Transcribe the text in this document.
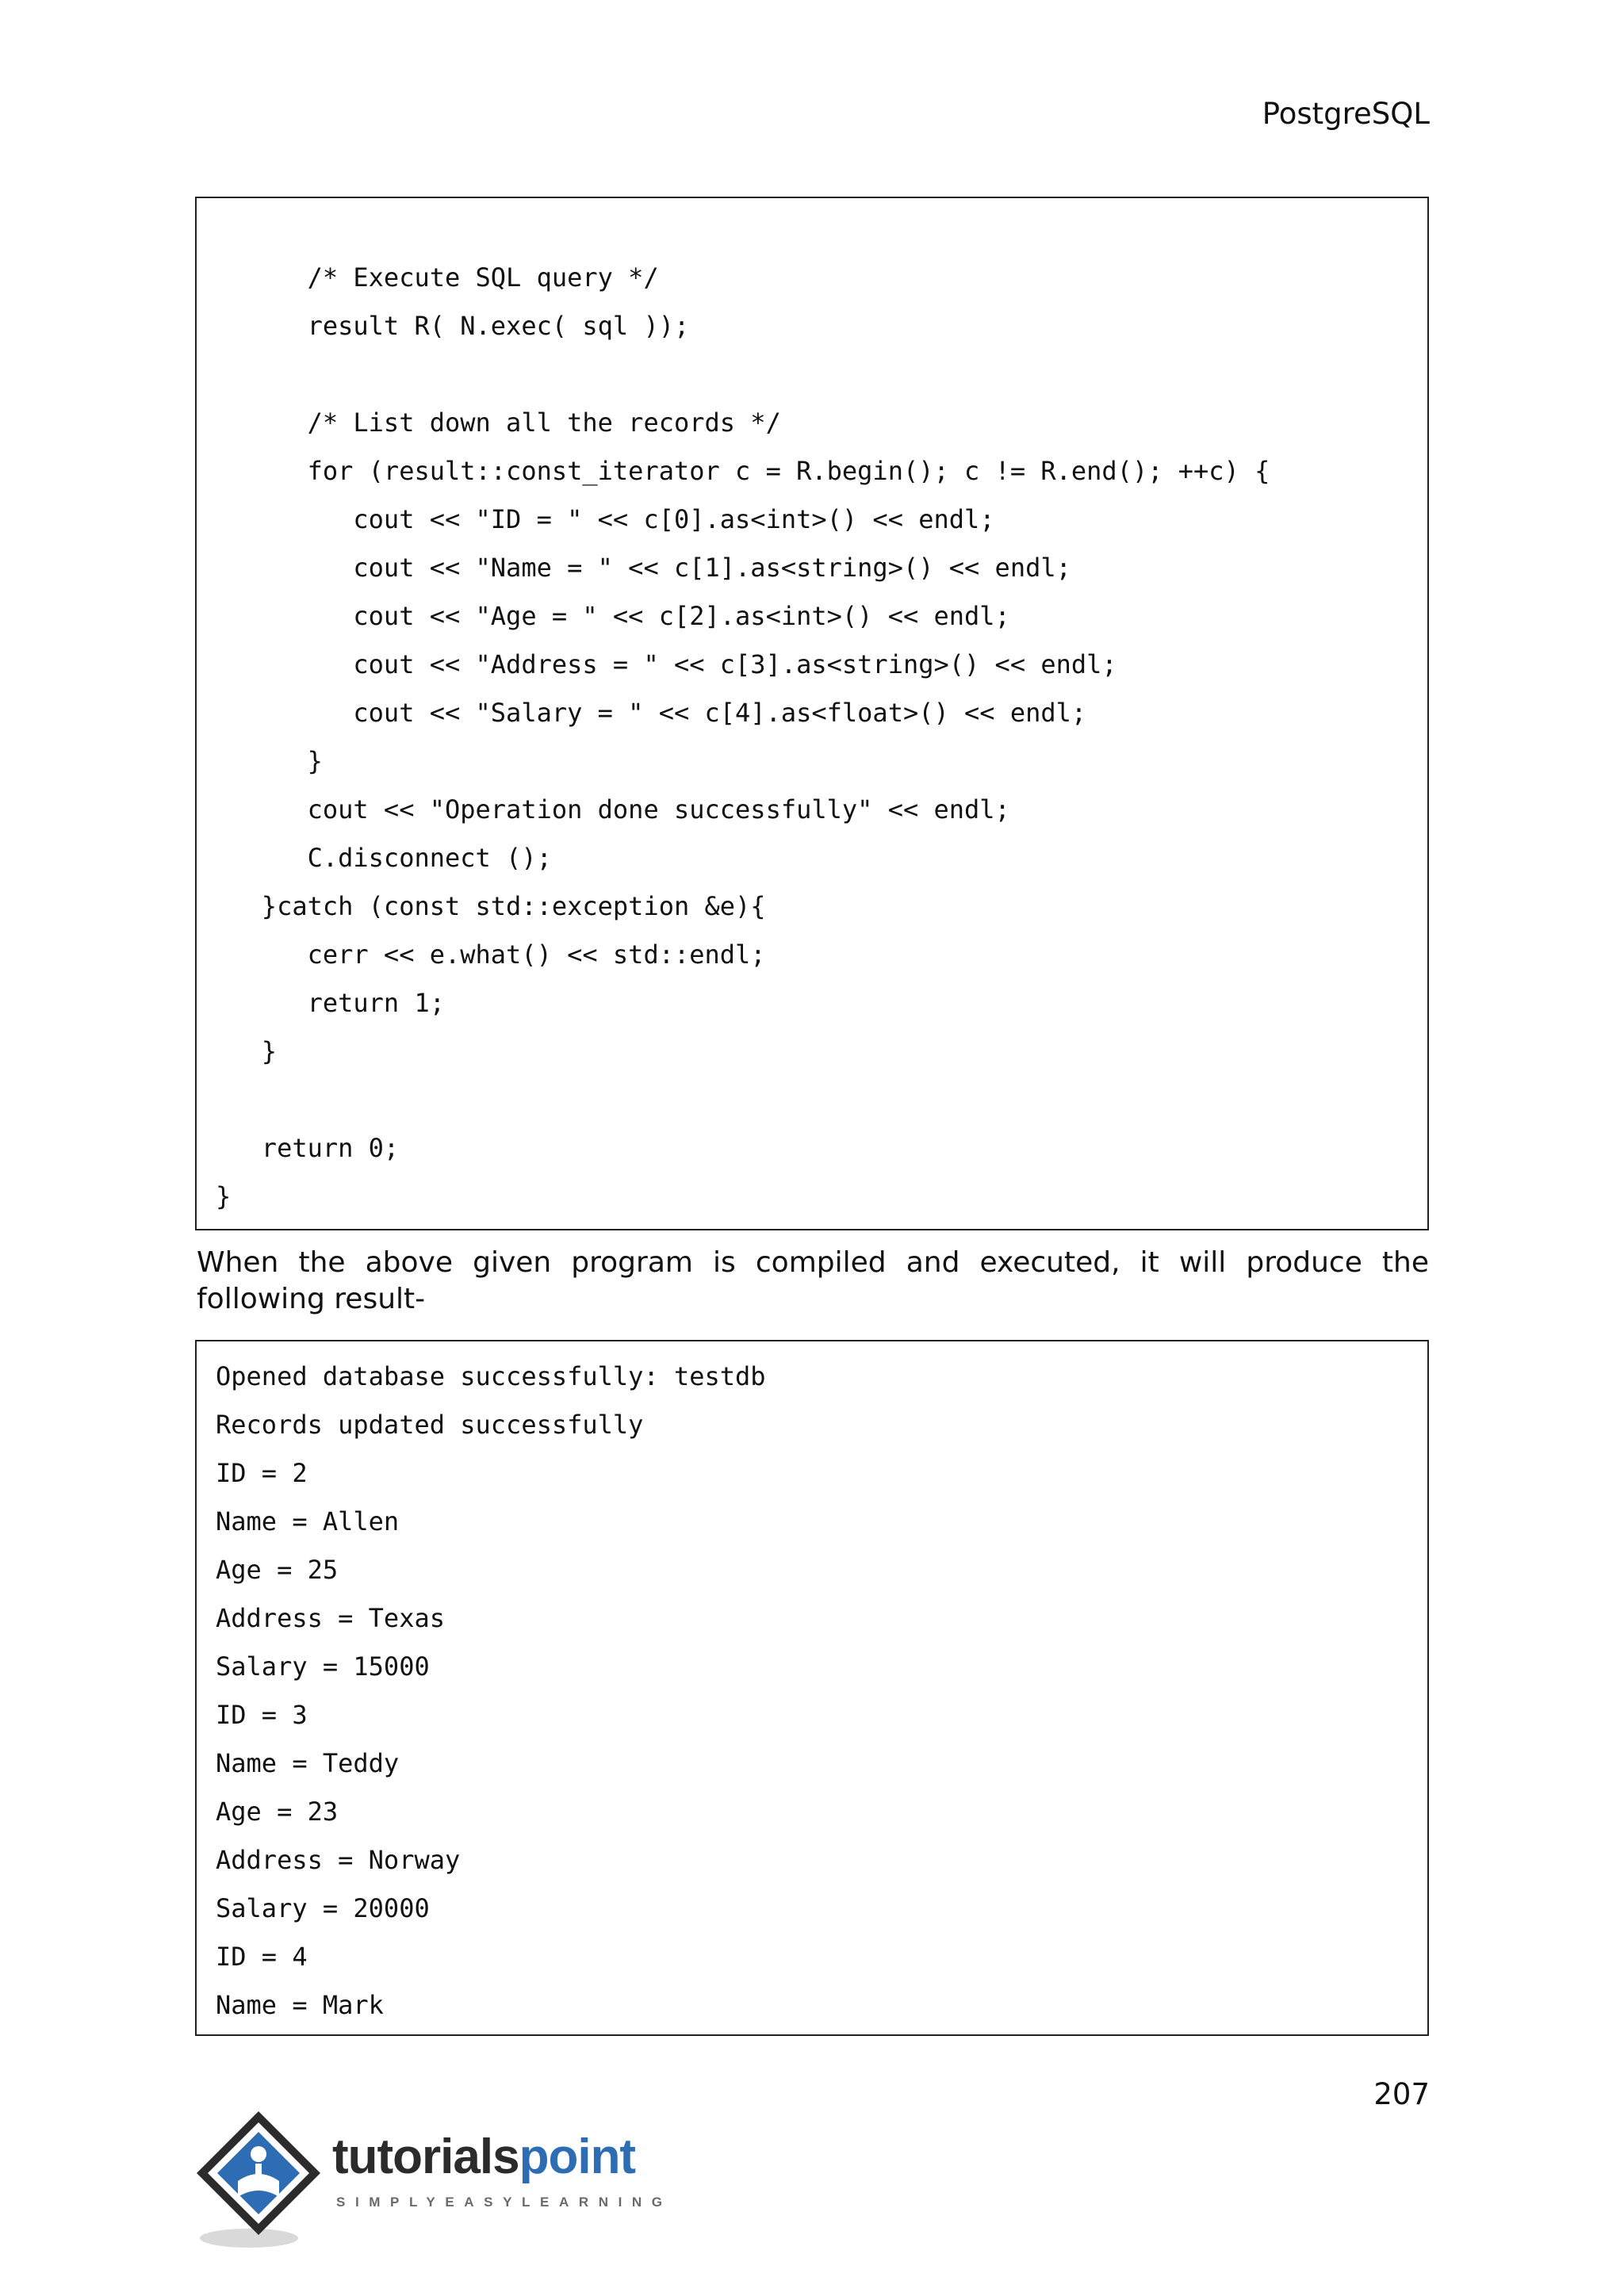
PostgreSQL
/* Execute SQL query */
result R( N.exec( sql ));
/* List down all the records */
for (result::const_iterator c = R.begin(); c != R.end(); ++c) {
cout << "ID = " << c[0].as<int>() << endl;
cout << "Name = " << c[1].as<string>() << endl;
cout << "Age = " << c[2].as<int>() << endl;
cout << "Address = " << c[3].as<string>() << endl;
cout << "Salary = " << c[4].as<float>() << endl;
}
cout << "Operation done successfully" << endl;
C.disconnect ();
}catch (const std::exception &e){
cerr << e.what() << std::endl;
return 1;
}
return 0;
}
When the above given program is compiled and executed, it will produce the following result-
Opened database successfully: testdb
Records updated successfully
ID = 2
Name = Allen
Age = 25
Address = Texas
Salary = 15000
ID = 3
Name = Teddy
Age = 23
Address = Norway
Salary = 20000
ID = 4
Name = Mark
207
tutorialspoint
SIMPLYEASYLEARNING
